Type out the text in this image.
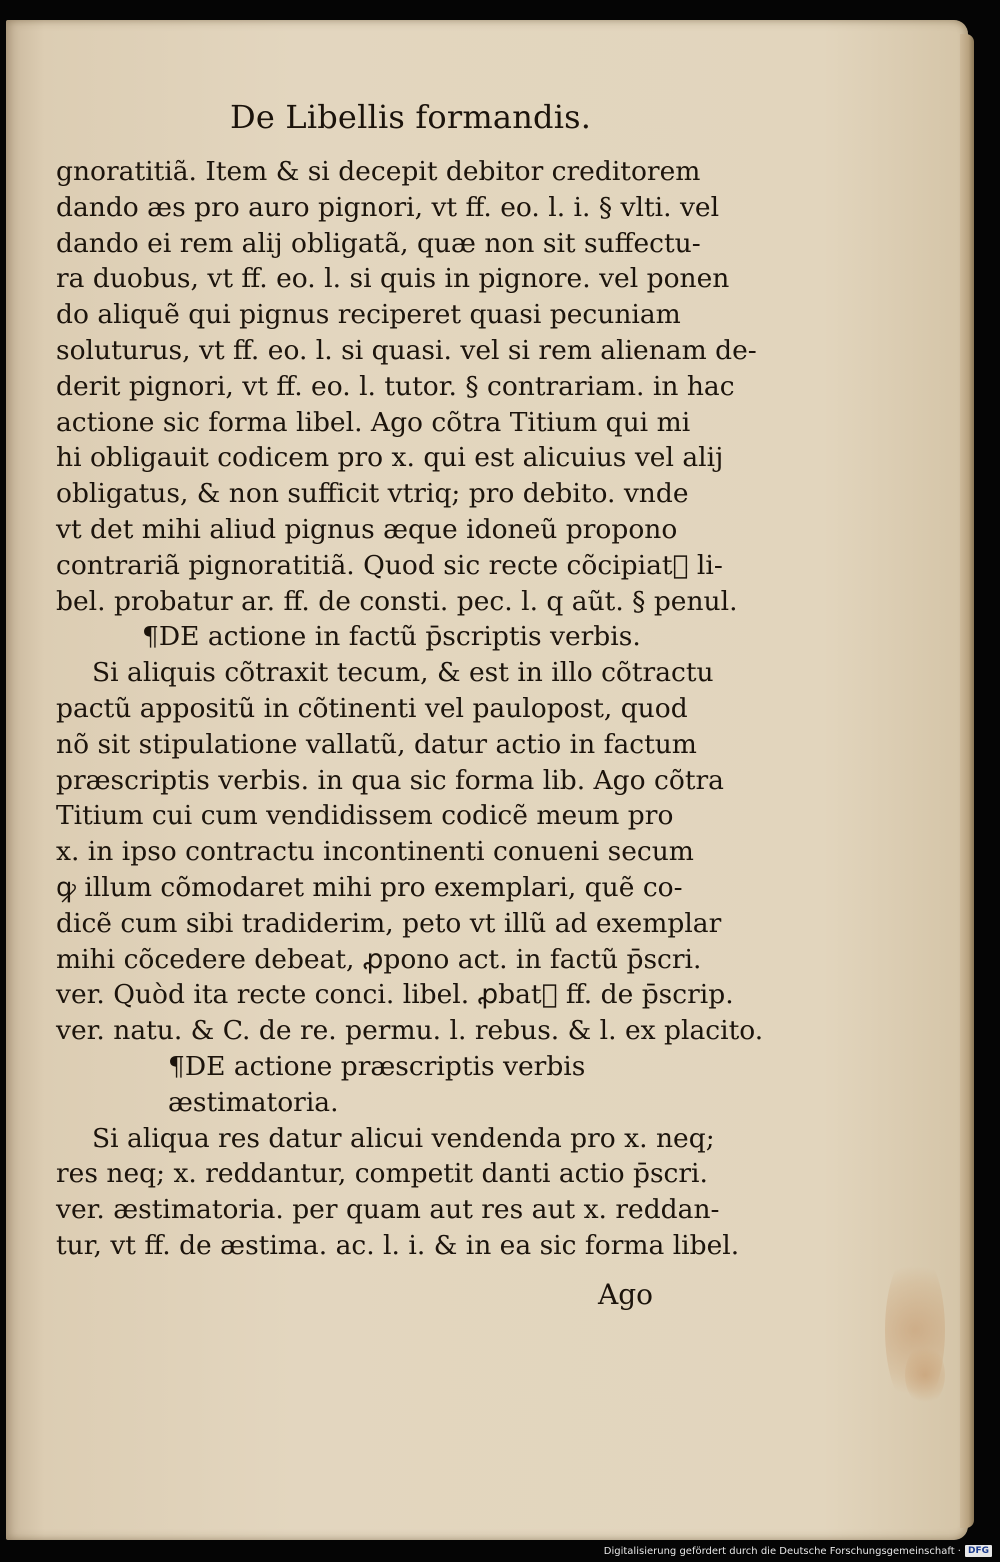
De Libellis formandis.
gnoratitiã. Item & si decepit debitor creditorem
dando æs pro auro pignori, vt ff. eo. l. i. § vlti. vel
dando ei rem alij obligatã, quæ non sit suffectu-
ra duobus, vt ff. eo. l. si quis in pignore. vel ponen
do aliquẽ qui pignus reciperet quasi pecuniam
soluturus, vt ff. eo. l. si quasi. vel si rem alienam de-
derit pignori, vt ff. eo. l. tutor. § contrariam. in hac
actione sic forma libel. Ago cõtra Titium qui mi
hi obligauit codicem pro x. qui est alicuius vel alij
obligatus, & non sufficit vtriq; pro debito. vnde
vt det mihi aliud pignus æque idoneũ propono
contrariã pignoratitiã. Quod sic recte cõcipiatᷓ li-
bel. probatur ar. ff. de consti. pec. l. q aũt. § penul.
¶DE actione in factũ p̄scriptis verbis.
Si aliquis cõtraxit tecum, & est in illo cõtractu
pactũ appositũ in cõtinenti vel paulopost, quod
nõ sit stipulatione vallatũ, datur actio in factum
præscriptis verbis. in qua sic forma lib. Ago cõtra
Titium cui cum vendidissem codicẽ meum pro
x. in ipso contractu incontinenti conueni secum
ꝙ illum cõmodaret mihi pro exemplari, quẽ co-
dicẽ cum sibi tradiderim, peto vt illũ ad exemplar
mihi cõcedere debeat, ꝓpono act. in factũ p̄scri.
ver. Quòd ita recte conci. libel. ꝓbatᷓ ff. de p̄scrip.
ver. natu. & C. de re. permu. l. rebus. & l. ex placito.
¶DE actione præscriptis verbis
æstimatoria.
Si aliqua res datur alicui vendenda pro x. neq;
res neq; x. reddantur, competit danti actio p̄scri.
ver. æstimatoria. per quam aut res aut x. reddan-
tur, vt ff. de æstima. ac. l. i. & in ea sic forma libel.
Ago
Digitalisierung gefördert durch die Deutsche Forschungsgemeinschaft · DFG
